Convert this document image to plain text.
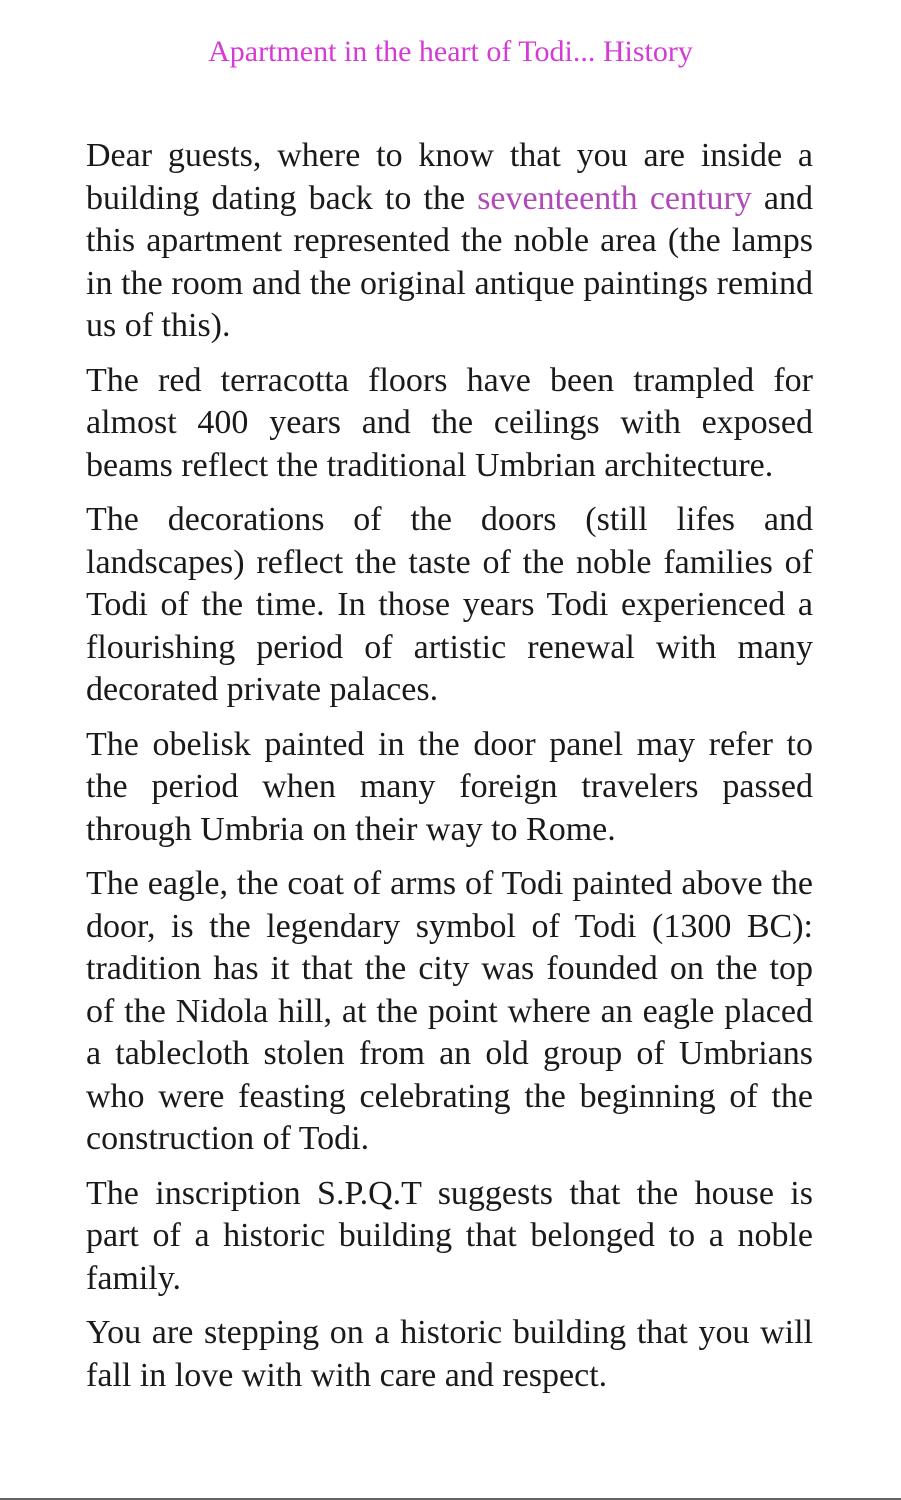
Apartment in the heart of Todi... History

Dear guests, where to know that you are inside a building dating back to the seventeenth century and this apartment represented the noble area (the lamps in the room and the original antique paintings remind us of this).

The red terracotta floors have been trampled for almost 400 years and the ceilings with exposed beams reflect the traditional Umbrian architecture.

The decorations of the doors (still lifes and landscapes) reflect the taste of the noble families of Todi of the time. In those years Todi experienced a flourishing period of artistic renewal with many decorated private palaces.

The obelisk painted in the door panel may refer to the period when many foreign travelers passed through Umbria on their way to Rome.

The eagle, the coat of arms of Todi painted above the door, is the legendary symbol of Todi (1300 BC): tradition has it that the city was founded on the top of the Nidola hill, at the point where an eagle placed a tablecloth stolen from an old group of Umbrians who were feasting celebrating the beginning of the construction of Todi.

The inscription S.P.Q.T suggests that the house is part of a historic building that belonged to a noble family.

You are stepping on a historic building that you will fall in love with with care and respect.
